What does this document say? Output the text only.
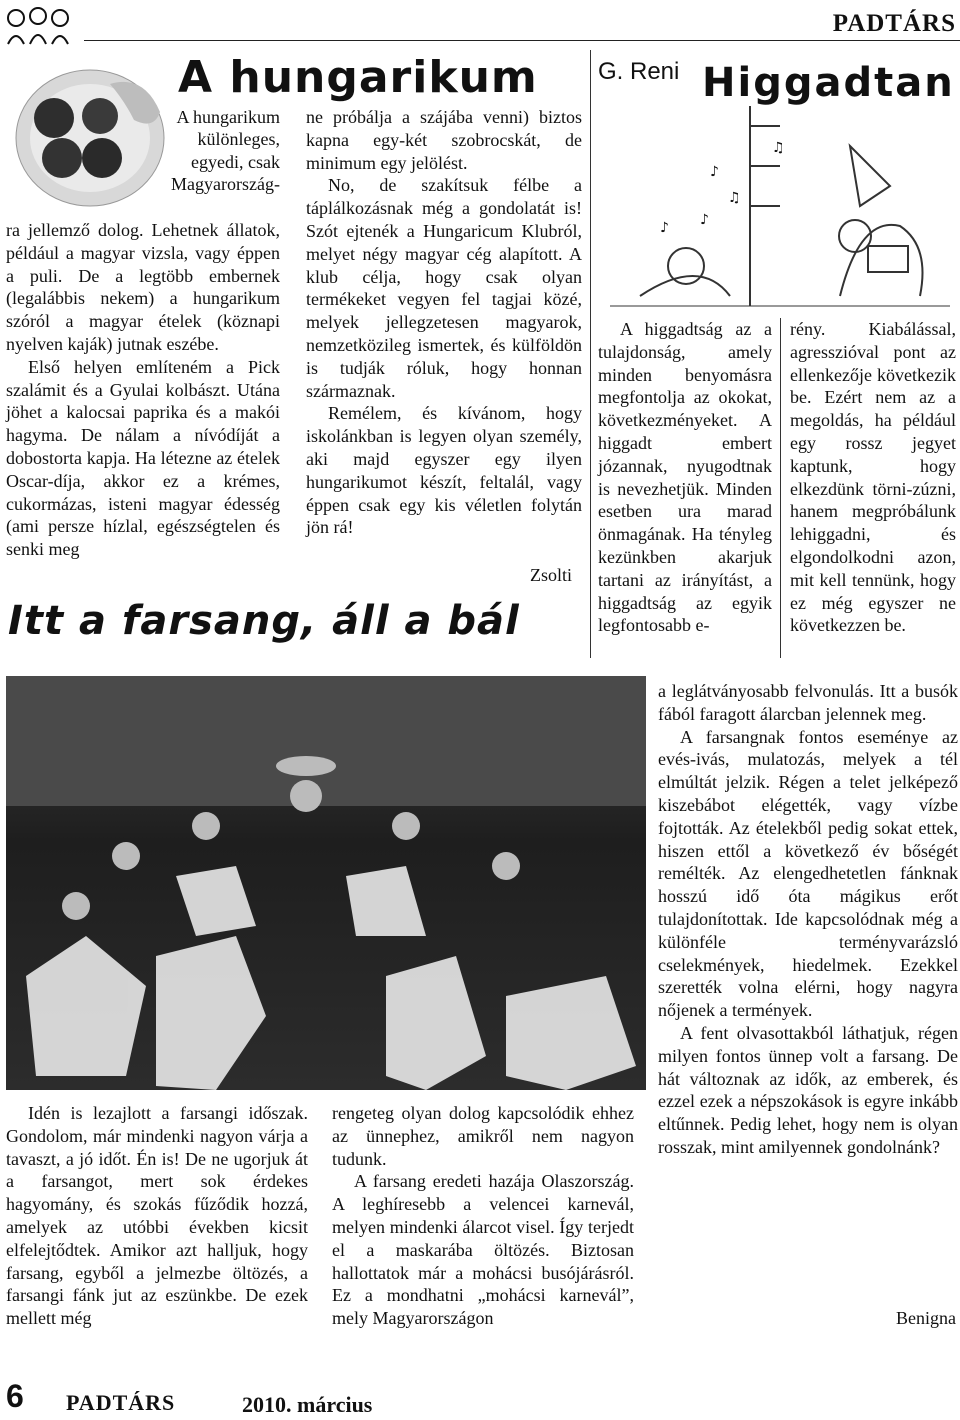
PADTÁRS
A hungarikum
A hungarikum különleges, egyedi, csak Magyarország-

ra jellemző dolog. Lehetnek állatok, például a magyar vizsla, vagy éppen a puli. De a legtöbb embernek (legalábbis nekem) a hungarikum szóról a magyar ételek (köznapi nyelven kaják) jutnak eszébe.

Első helyen említeném a Pick szalámit és a Gyulai kolbászt. Utána jöhet a kalocsai paprika és a makói hagyma. De nálam a nívódíját a dobostorta kapja. Ha létezne az ételek Oscar-díja, akkor ez a krémes, cukormázas, isteni magyar édesség (ami persze hízlal, egészségtelen és senki meg

ne próbálja a szájába venni) biztos kapna egy-két szobrocskát, de minimum egy jelölést.

No, de szakítsuk félbe a táplálkozásnak még a gondolatát is! Szót ejtenék a Hungaricum Klubról, melyet négy magyar cég alapított. A klub célja, hogy csak olyan termékeket vegyen fel tagjai közé, melyek jellegzetesen magyarok, nemzetközileg ismertek, és külföldön is tudják róluk, hogy honnan származnak.

Remélem, és kívánom, hogy iskolánkban is legyen olyan személy, aki majd egyszer egy ilyen hungarikumot készít, feltalál, vagy éppen csak egy kis véletlen folytán jön rá!

Zsolti
G. Reni Higgadtan
♪
♫
♪
♫
♪

A higgadtság az a tulajdonság, amely minden benyomásra megfontolja az okokat, következményeket. A higgadt embert józannak, nyugodtnak is nevezhetjük. Minden esetben ura marad önmagának. Ha tényleg kezünkben akarjuk tartani az irányítást, a higgadtság az egyik legfontosabb e-

rény. Kiabálással, agresszióval pont az ellenkezője következik be. Ezért nem az a megoldás, ha például egy rossz jegyet kaptunk, hogy elkezdünk törni-zúzni, hanem megpróbálunk lehiggadni, és elgondolkodni azon, mit kell tennünk, hogy ez még egyszer ne következzen be.

Itt a farsang, áll a bál

Idén is lezajlott a farsangi időszak. Gondolom, már mindenki nagyon várja a tavaszt, a jó időt. Én is! De ne ugorjuk át a farsangot, mert sok érdekes hagyomány, és szokás fűződik hozzá, amelyek az utóbbi években kicsit elfelejtődtek. Amikor azt halljuk, hogy farsang, egyből a jelmezbe öltözés, a farsangi fánk jut az eszünkbe. De ezek mellett még

rengeteg olyan dolog kapcsolódik ehhez az ünnephez, amikről nem nagyon tudunk.

A farsang eredeti hazája Olaszország. A leghíresebb a velencei karnevál, melyen mindenki álarcot visel. Így terjedt el a maskarába öltözés. Biztosan hallottatok már a mohácsi busójárásról. Ez a mondhatni „mohácsi karnevál”, mely Magyarországon

a leglátványosabb felvonulás. Itt a busók fából faragott álarcban jelennek meg.

A farsangnak fontos eseménye az evés-ivás, mulatozás, melyek a tél elmúltát jelzik. Régen a telet jelképező kiszebábot elégették, vagy vízbe fojtották. Az ételekből pedig sokat ettek, hiszen ettől a következő év bőségét remélték. Az elengedhetetlen fánknak hosszú idő óta mágikus erőt tulajdonítottak. Ide kapcsolódnak még a különféle terményvarázsló cselekmények, hiedelmek. Ezekkel szerették volna elérni, hogy nagyra nőjenek a termények.

A fent olvasottakból láthatjuk, régen milyen fontos ünnep volt a farsang. De hát változnak az idők, az emberek, és ezzel ezek a népszokások is egyre inkább eltűnnek. Pedig lehet, hogy nem is olyan rosszak, mint amilyennek gondolnánk?

Benigna
6 PADTÁRS	2010. március
